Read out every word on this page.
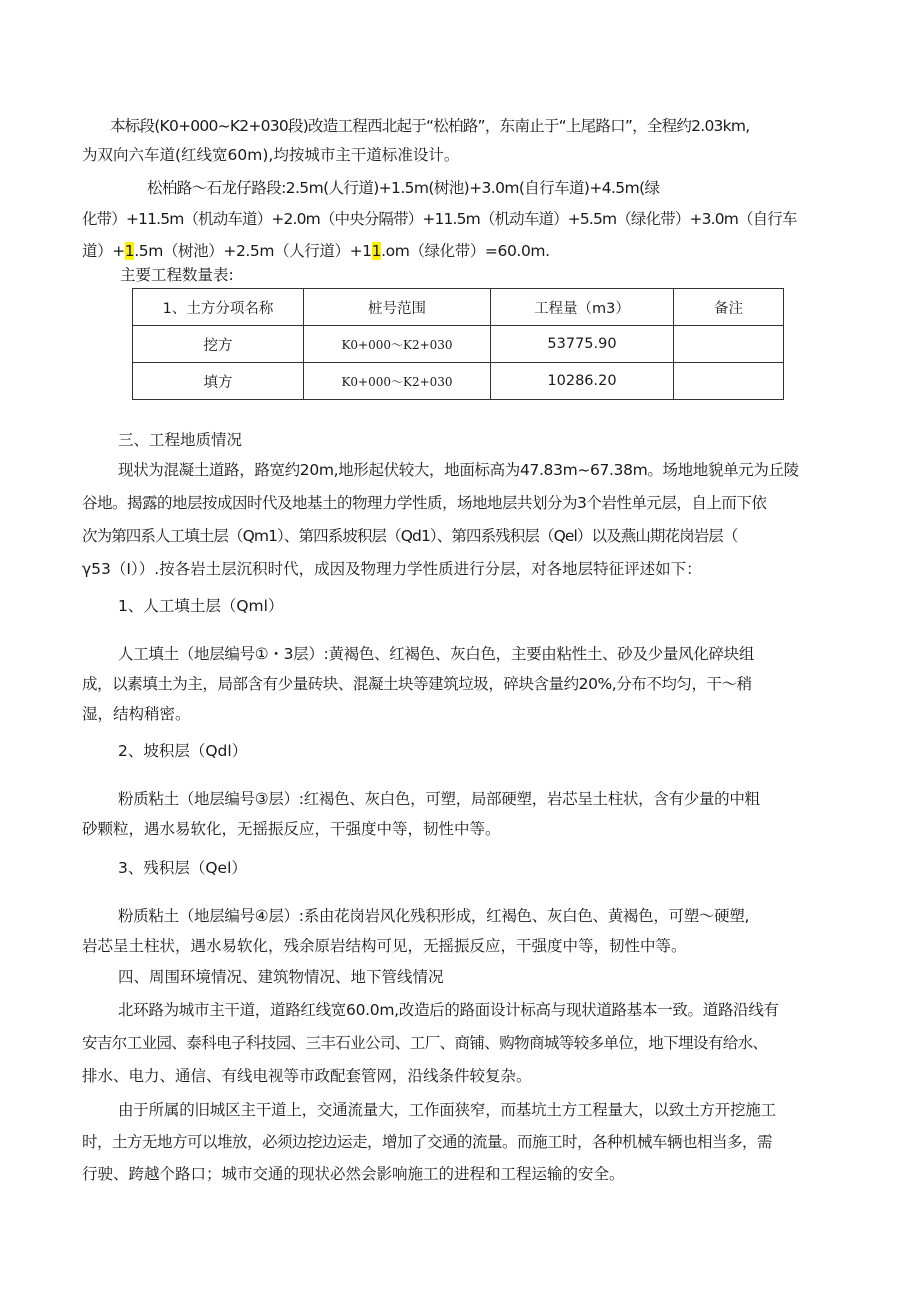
本标段(K0+000~K2+030段)改造工程西北起于“松柏路”，东南止于“上尾路口”，全程约2.03km,
为双向六车道(红线宽60m),均按城市主干道标准设计。
松柏路～石龙仔路段:2.5m(人行道)+1.5m(树池)+3.0m(自行车道)+4.5m(绿
化带）+11.5m（机动车道）+2.0m（中央分隔带）+11.5m（机动车道）+5.5m（绿化带）+3.0m（自行车
道）+1.5m（树池）+2.5m（人行道）+11.om（绿化带）=60.0m.
主要工程数量表:
1、土方分项名称	桩号范围	工程量（m3）	备注
挖方	K0+000～K2+030	53775.90	
填方	K0+000～K2+030	10286.20	
三、工程地质情况
现状为混凝土道路，路宽约20m,地形起伏较大，地面标高为47.83m~67.38m。场地地貌单元为丘陵
谷地。揭露的地层按成因时代及地基土的物理力学性质，场地地层共划分为3个岩性单元层，自上而下依
次为第四系人工填土层（Qm1）、第四系坡积层（Qd1）、第四系残积层（Qel）以及燕山期花岗岩层（
γ53（I））.按各岩土层沉积时代，成因及物理力学性质进行分层，对各地层特征评述如下：
1、人工填土层（Qml）
人工填土（地层编号①・3层）:黄褐色、红褐色、灰白色，主要由粘性土、砂及少量风化碎块组
成，以素填土为主，局部含有少量砖块、混凝土块等建筑垃圾，碎块含量约20%,分布不均匀，干～稍
湿，结构稍密。
2、坡积层（Qdl）
粉质粘土（地层编号③层）:红褐色、灰白色，可塑，局部硬塑，岩芯呈土柱状，含有少量的中粗
砂颗粒，遇水易软化，无摇振反应，干强度中等，韧性中等。
3、残积层（Qel）
粉质粘土（地层编号④层）:系由花岗岩风化残积形成，红褐色、灰白色、黄褐色，可塑～硬塑,
岩芯呈土柱状，遇水易软化，残余原岩结构可见，无摇振反应，干强度中等，韧性中等。
四、周围环境情况、建筑物情况、地下管线情况
北环路为城市主干道，道路红线宽60.0m,改造后的路面设计标高与现状道路基本一致。道路沿线有
安吉尔工业园、泰科电子科技园、三丰石业公司、工厂、商铺、购物商城等较多单位，地下埋设有给水、
排水、电力、通信、有线电视等市政配套管网，沿线条件较复杂。
由于所属的旧城区主干道上，交通流量大，工作面狭窄，而基坑土方工程量大，以致土方开挖施工
时，土方无地方可以堆放，必须边挖边运走，增加了交通的流量。而施工时，各种机械车辆也相当多，需
行驶、跨越个路口；城市交通的现状必然会影响施工的进程和工程运输的安全。
